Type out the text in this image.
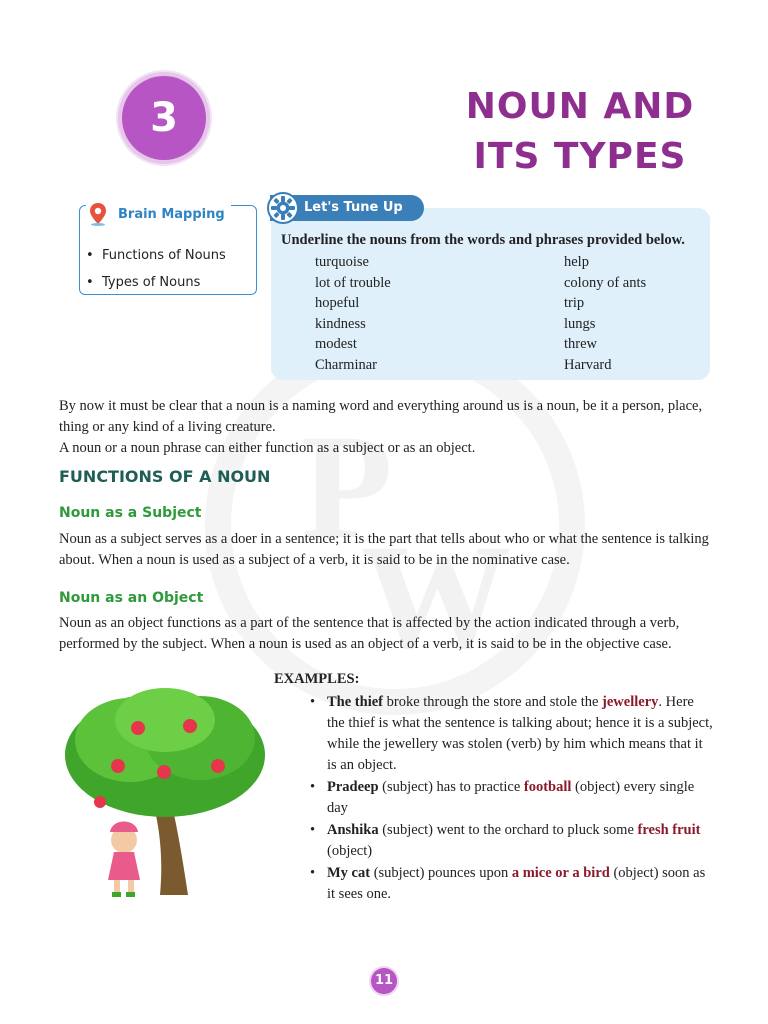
P
W
3	NOUN AND
ITS TYPES
Brain Mapping
• Functions of Nouns
• Types of Nouns
Let's Tune Up
Underline the nouns from the words and phrases provided below.
turquoise
lot of trouble
hopeful
kindness
modest
Charminar
help
colony of ants
trip
lungs
threw
Harvard
By now it must be clear that a noun is a naming word and everything around us is a noun, be it a person, place, thing or any kind of a living creature.
A noun or a noun phrase can either function as a subject or as an object.
FUNCTIONS OF A NOUN
Noun as a Subject
Noun as a subject serves as a doer in a sentence; it is the part that tells about who or what the sentence is talking about. When a noun is used as a subject of a verb, it is said to be in the nominative case.
Noun as an Object
Noun as an object functions as a part of the sentence that is affected by the action indicated through a verb, performed by the subject. When a noun is used as an object of a verb, it is said to be in the objective case.
EXAMPLES:
• The thief broke through the store and stole the jewellery. Here the thief is what the sentence is talking about; hence it is a subject, while the jewellery was stolen (verb) by him which means that it is an object.
• Pradeep (subject) has to practice football (object) every single day
• Anshika (subject) went to the orchard to pluck some fresh fruit (object)
• My cat (subject) pounces upon a mice or a bird (object) soon as it sees one.
11
